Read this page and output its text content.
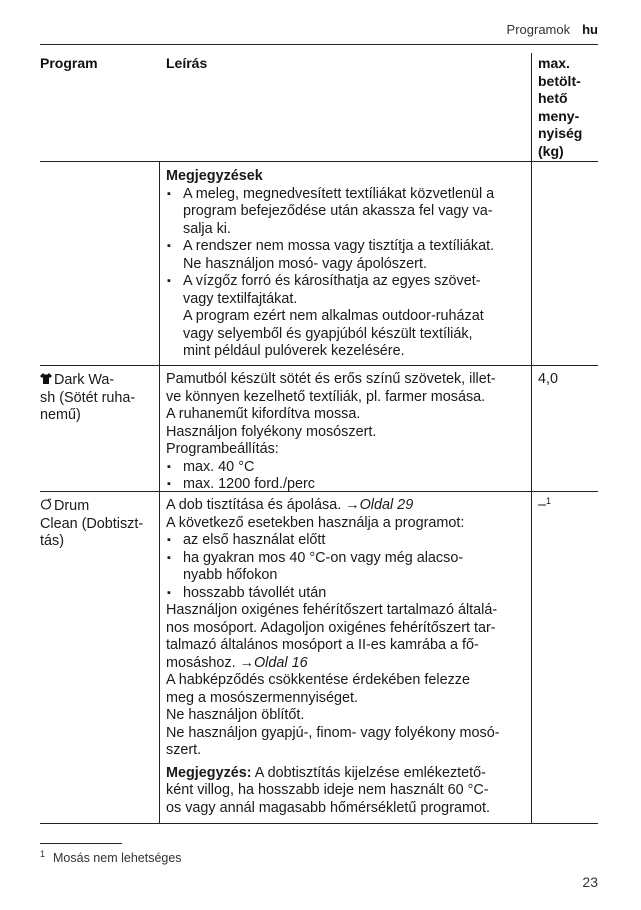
Programok hu
Program	Leírás	max.
betölt-
hető
meny-
nyiség
(kg)

Megjegyzések

▪ A meleg, megnedvesített textíliákat közvetlenül a
program befejeződése után akassza fel vagy va-
salja ki.
▪ A rendszer nem mossa vagy tisztítja a textíliákat.
Ne használjon mosó- vagy ápolószert.
▪ A vízgőz forró és károsíthatja az egyes szövet-
vagy textilfajtákat.
A program ezért nem alkalmas outdoor-ruházat
vagy selyemből és gyapjúból készült textíliák,
mint például pulóverek kezelésére.
Dark Wa-
sh (Sötét ruha-
nemű)
Pamutból készült sötét és erős színű szövetek, illet-
ve könnyen kezelhető textíliák, pl. farmer mosása.
A ruhaneműt kifordítva mossa.
Használjon folyékony mosószert.
Programbeállítás:
▪ max. 40 °C
▪ max. 1200 ford./perc
4,0
Drum
Clean (Dobtiszt-
tás)
A dob tisztítása és ápolása. →Oldal 29
A következő esetekben használja a programot:
▪ az első használat előtt
▪ ha gyakran mos 40 °C-on vagy még alacso-
nyabb hőfokon
▪ hosszabb távollét után
Használjon oxigénes fehérítőszert tartalmazó általá-
nos mosóport. Adagoljon oxigénes fehérítőszert tar-
talmazó általános mosóport a II-es kamrába a fő-
mosáshoz. →Oldal 16
A habképződés csökkentése érdekében felezze
meg a mosószermennyiséget.
Ne használjon öblítőt.
Ne használjon gyapjú-, finom- vagy folyékony mosó-
szert.
Megjegyzés: A dobtisztítás kijelzése emlékeztető-
ként villog, ha hosszabb ideje nem használt 60 °C-
os vagy annál magasabb hőmérsékletű programot.
–$^1$
$^1$ Mosás nem lehetséges
23
